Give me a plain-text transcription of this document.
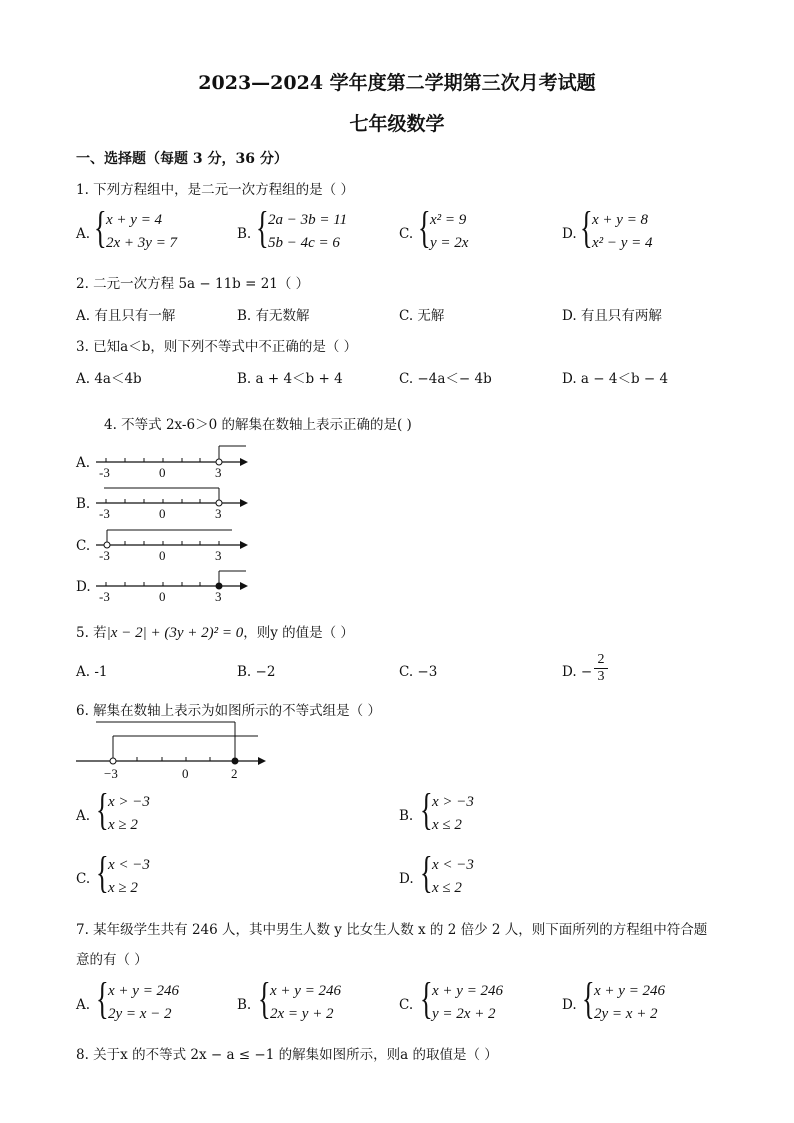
2023—2024 学年度第二学期第三次月考试题
七年级数学
一、选择题（每题 3 分，36 分）
1. 下列方程组中，是二元一次方程组的是（ ）
A. { x + y = 4
2x + 3y = 7
B. { 2a − 3b = 11
5b − 4c = 6
C. { x² = 9
y = 2x
D. { x + y = 8
x² − y = 4
2. 二元一次方程 5a − 11b = 21（ ）
A. 有且只有一解	B. 有无数解	C. 无解	D. 有且只有两解
3. 已知a＜b，则下列不等式中不正确的是（ ）
A. 4a＜4b	B. a + 4＜b + 4	C. −4a＜− 4b	D. a − 4＜b − 4
4. 不等式 2x-6＞0 的解集在数轴上表示正确的是( )
A.
-3	0	3
-3	0	3
-3	0	3
-3	0	3
−3	0	2
B.
C.
D.
5. 若|x − 2| + (3y + 2)² = 0，则y 的值是（ ）
A. -1	B. −2	C. −3	D. − $\frac{2}{3}$
6. 解集在数轴上表示为如图所示的不等式组是（ ）
A. { x > −3
x ≥ 2
B. { x > −3
x ≤ 2
C. { x < −3
x ≥ 2
D. { x < −3
x ≤ 2
7. 某年级学生共有 246 人，其中男生人数 y 比女生人数 x 的 2 倍少 2 人，则下面所列的方程组中符合题
意的有（ ）
A. { x + y = 246
2y = x − 2
B. { x + y = 246
2x = y + 2
C. { x + y = 246
y = 2x + 2
D. { x + y = 246
2y = x + 2
8. 关于x 的不等式 2x − a ≤ −1 的解集如图所示，则a 的取值是（ ）
